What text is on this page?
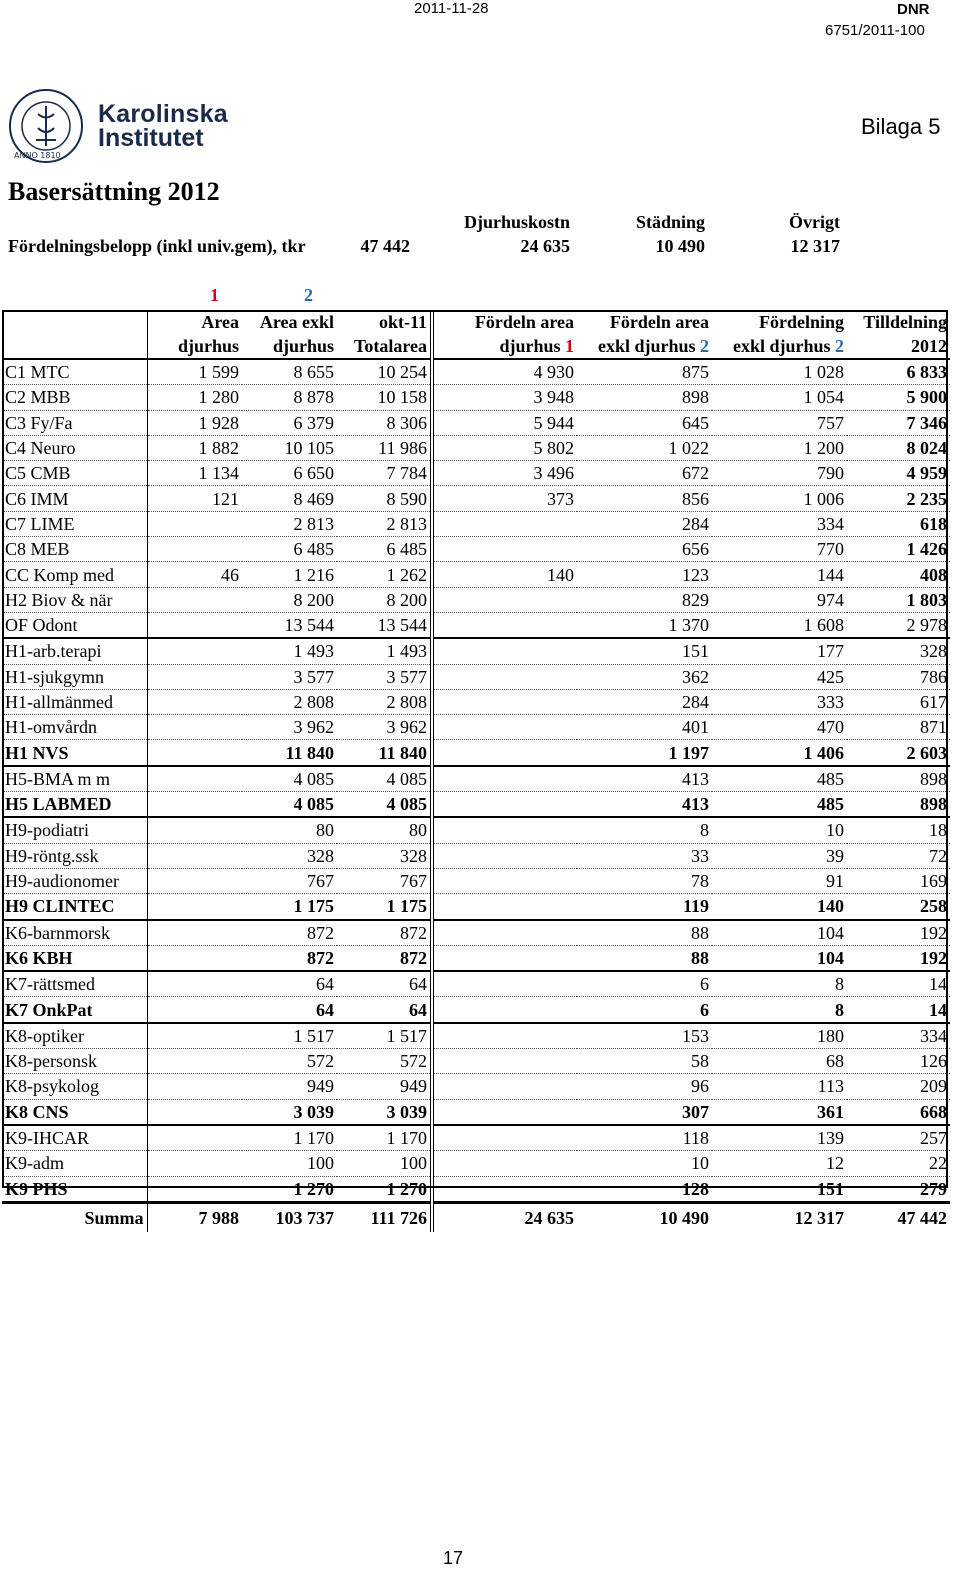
2011-11-28	DNR
6751/2011-100
Bilaga 5
ANNO 1810
Karolinska
Institutet
Basersättning 2012
Fördelningsbelopp (inkl univ.gem), tkr	47 442
Djurhuskostn
24 635
Städning
10 490
Övrigt
12 317
1	2
	Area	Area exkl	okt-11	Fördeln area	Fördeln area	Fördelning	Tilldelning
	djurhus	djurhus	Totalarea	djurhus 1	exkl djurhus 2	exkl djurhus 2	2012
C1 MTC	1 599	8 655	10 254	4 930	875	1 028	6 833
C2 MBB	1 280	8 878	10 158	3 948	898	1 054	5 900
C3 Fy/Fa	1 928	6 379	8 306	5 944	645	757	7 346
C4 Neuro	1 882	10 105	11 986	5 802	1 022	1 200	8 024
C5 CMB	1 134	6 650	7 784	3 496	672	790	4 959
C6 IMM	121	8 469	8 590	373	856	1 006	2 235
C7 LIME		2 813	2 813		284	334	618
C8 MEB		6 485	6 485		656	770	1 426
CC Komp med	46	1 216	1 262	140	123	144	408
H2 Biov & när		8 200	8 200		829	974	1 803
OF Odont		13 544	13 544		1 370	1 608	2 978
H1-arb.terapi		1 493	1 493		151	177	328
H1-sjukgymn		3 577	3 577		362	425	786
H1-allmänmed		2 808	2 808		284	333	617
H1-omvårdn		3 962	3 962		401	470	871
H1 NVS		11 840	11 840		1 197	1 406	2 603
H5-BMA m m		4 085	4 085		413	485	898
H5 LABMED		4 085	4 085		413	485	898
H9-podiatri		80	80		8	10	18
H9-röntg.ssk		328	328		33	39	72
H9-audionomer		767	767		78	91	169
H9 CLINTEC		1 175	1 175		119	140	258
K6-barnmorsk		872	872		88	104	192
K6 KBH		872	872		88	104	192
K7-rättsmed		64	64		6	8	14
K7 OnkPat		64	64		6	8	14
K8-optiker		1 517	1 517		153	180	334
K8-personsk		572	572		58	68	126
K8-psykolog		949	949		96	113	209
K8 CNS		3 039	3 039		307	361	668
K9-IHCAR		1 170	1 170		118	139	257
K9-adm		100	100		10	12	22
K9 PHS		1 270	1 270		128	151	279
Summa	7 988	103 737	111 726	24 635	10 490	12 317	47 442
17
